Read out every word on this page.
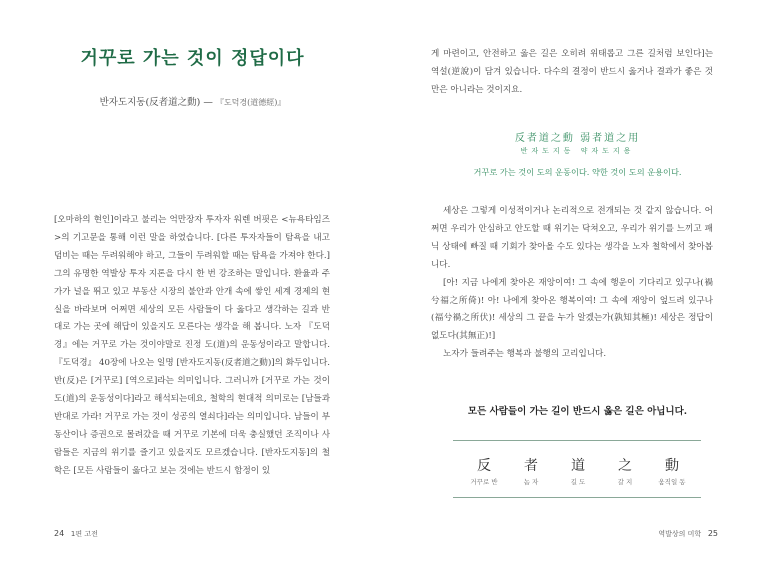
거꾸로 가는 것이 정답이다
반자도지동(反者道之動) — 『도덕경(道德經)』

[오마하의 현인]이라고 불리는 억만장자 투자자 워렌 버핏은 <뉴욕타임즈>의 기고문을 통해 이런 말을 하였습니다. [다른 투자자들이 탐욕을 내고 덤비는 때는 두려워해야 하고, 그들이 두려워할 때는 탐욕을 가져야 한다.] 그의 유명한 역발상 투자 지론을 다시 한 번 강조하는 말입니다. 환율과 주가가 널을 뛰고 있고 부동산 시장의 불안과 안개 속에 쌓인 세계 경제의 현실을 바라보며 어쩌면 세상의 모든 사람들이 다 옳다고 생각하는 길과 반대로 가는 곳에 해답이 있을지도 모른다는 생각을 해 봅니다. 노자 『도덕경』에는 거꾸로 가는 것이야말로 진정 도(道)의 운동성이라고 말합니다. 『도덕경』 40장에 나오는 일명 [반자도지동(反者道之動)]의 화두입니다. 반(反)은 [거꾸로] [역으로]라는 의미입니다. 그러니까 [거꾸로 가는 것이 도(道)의 운동성이다]라고 해석되는데요, 철학의 현대적 의미로는 [남들과 반대로 가라! 거꾸로 가는 것이 성공의 열쇠다]라는 의미입니다. 남들이 부동산이나 증권으로 몰려갔을 때 거꾸로 기본에 더욱 충실했던 조직이나 사람들은 지금의 위기를 즐기고 있을지도 모르겠습니다. [반자도지동]의 철학은 [모든 사람들이 옳다고 보는 것에는 반드시 함정이 있

24 1편 고전

게 마련이고, 안전하고 옳은 길은 오히려 위태롭고 그른 길처럼 보인다]는 역설(逆說)이 담겨 있습니다. 다수의 결정이 반드시 옳거나 결과가 좋은 것만은 아니라는 것이지요.

反者道之動 弱者道之用
반자도지동 약자도지용
거꾸로 가는 것이 도의 운동이다. 약한 것이 도의 운용이다.

세상은 그렇게 이성적이거나 논리적으로 전개되는 것 같지 않습니다. 어쩌면 우리가 안심하고 안도할 때 위기는 닥쳐오고, 우리가 위기를 느끼고 패닉 상태에 빠질 때 기회가 찾아올 수도 있다는 생각을 노자 철학에서 찾아봅니다.

[아! 지금 나에게 찾아온 재앙이여! 그 속에 행운이 기다리고 있구나(禍兮福之所倚)! 아! 나에게 찾아온 행복이여! 그 속에 재앙이 엎드려 있구나(福兮禍之所伏)! 세상의 그 끝을 누가 알겠는가(孰知其極)! 세상은 정답이 없도다(其無正)!]

노자가 들려주는 행복과 불행의 고리입니다.

모든 사람들이 가는 길이 반드시 옳은 길은 아닙니다.
反	者	道	之	動
거꾸로 반	놈 자	길 도	갈 지	움직일 동
역발상의 미학 25
